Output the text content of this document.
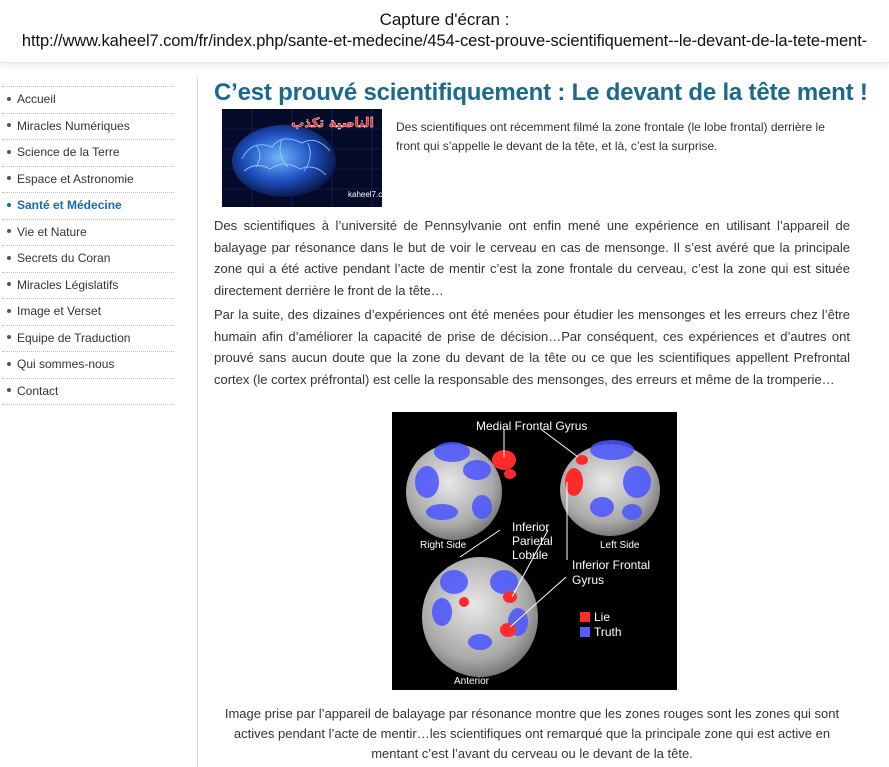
Capture d'écran :
http://www.kaheel7.com/fr/index.php/sante-et-medecine/454-cest-prouve-scientifiquement--le-devant-de-la-tete-ment-
Accueil
Miracles Numériques
Science de la Terre
Espace et Astronomie
Santé et Médecine
Vie et Nature
Secrets du Coran
Miracles Législatifs
Image et Verset
Equipe de Traduction
Qui sommes-nous
Contact
C’est prouvé scientifiquement : Le devant de la tête ment !
الناصية تكذب
kaheel7.com
Des scientifiques ont récemment filmé la zone frontale (le lobe frontal) derrière le front qui s’appelle le devant de la tête, et là, c’est la surprise.

Des scientifiques à l’université de Pennsylvanie ont enfin mené une expérience en utilisant l’appareil de balayage par résonance dans le but de voir le cerveau en cas de mensonge. Il s’est avéré que la principale zone qui a été active pendant l’acte de mentir c’est la zone frontale du cerveau, c’est la zone qui est située directement derrière le front de la tête…

Par la suite, des dizaines d’expériences ont été menées pour étudier les mensonges et les erreurs chez l’être humain afin d’améliorer la capacité de prise de décision…Par conséquent, ces expériences et d’autres ont prouvé sans aucun doute que la zone du devant de la tête ou ce que les scientifiques appellent Prefrontal cortex (le cortex préfrontal) est celle la responsable des mensonges, des erreurs et même de la tromperie…

Medial Frontal Gyrus
Right Side	Left Side
Inferior
Parietal
Lobule
Inferior Frontal
Gyrus
Anterior
Lie
Truth
Image prise par l’appareil de balayage par résonance montre que les zones rouges sont les zones qui sont actives pendant l’acte de mentir…les scientifiques ont remarqué que la principale zone qui est active en mentant c’est l’avant du cerveau ou le devant de la tête.
